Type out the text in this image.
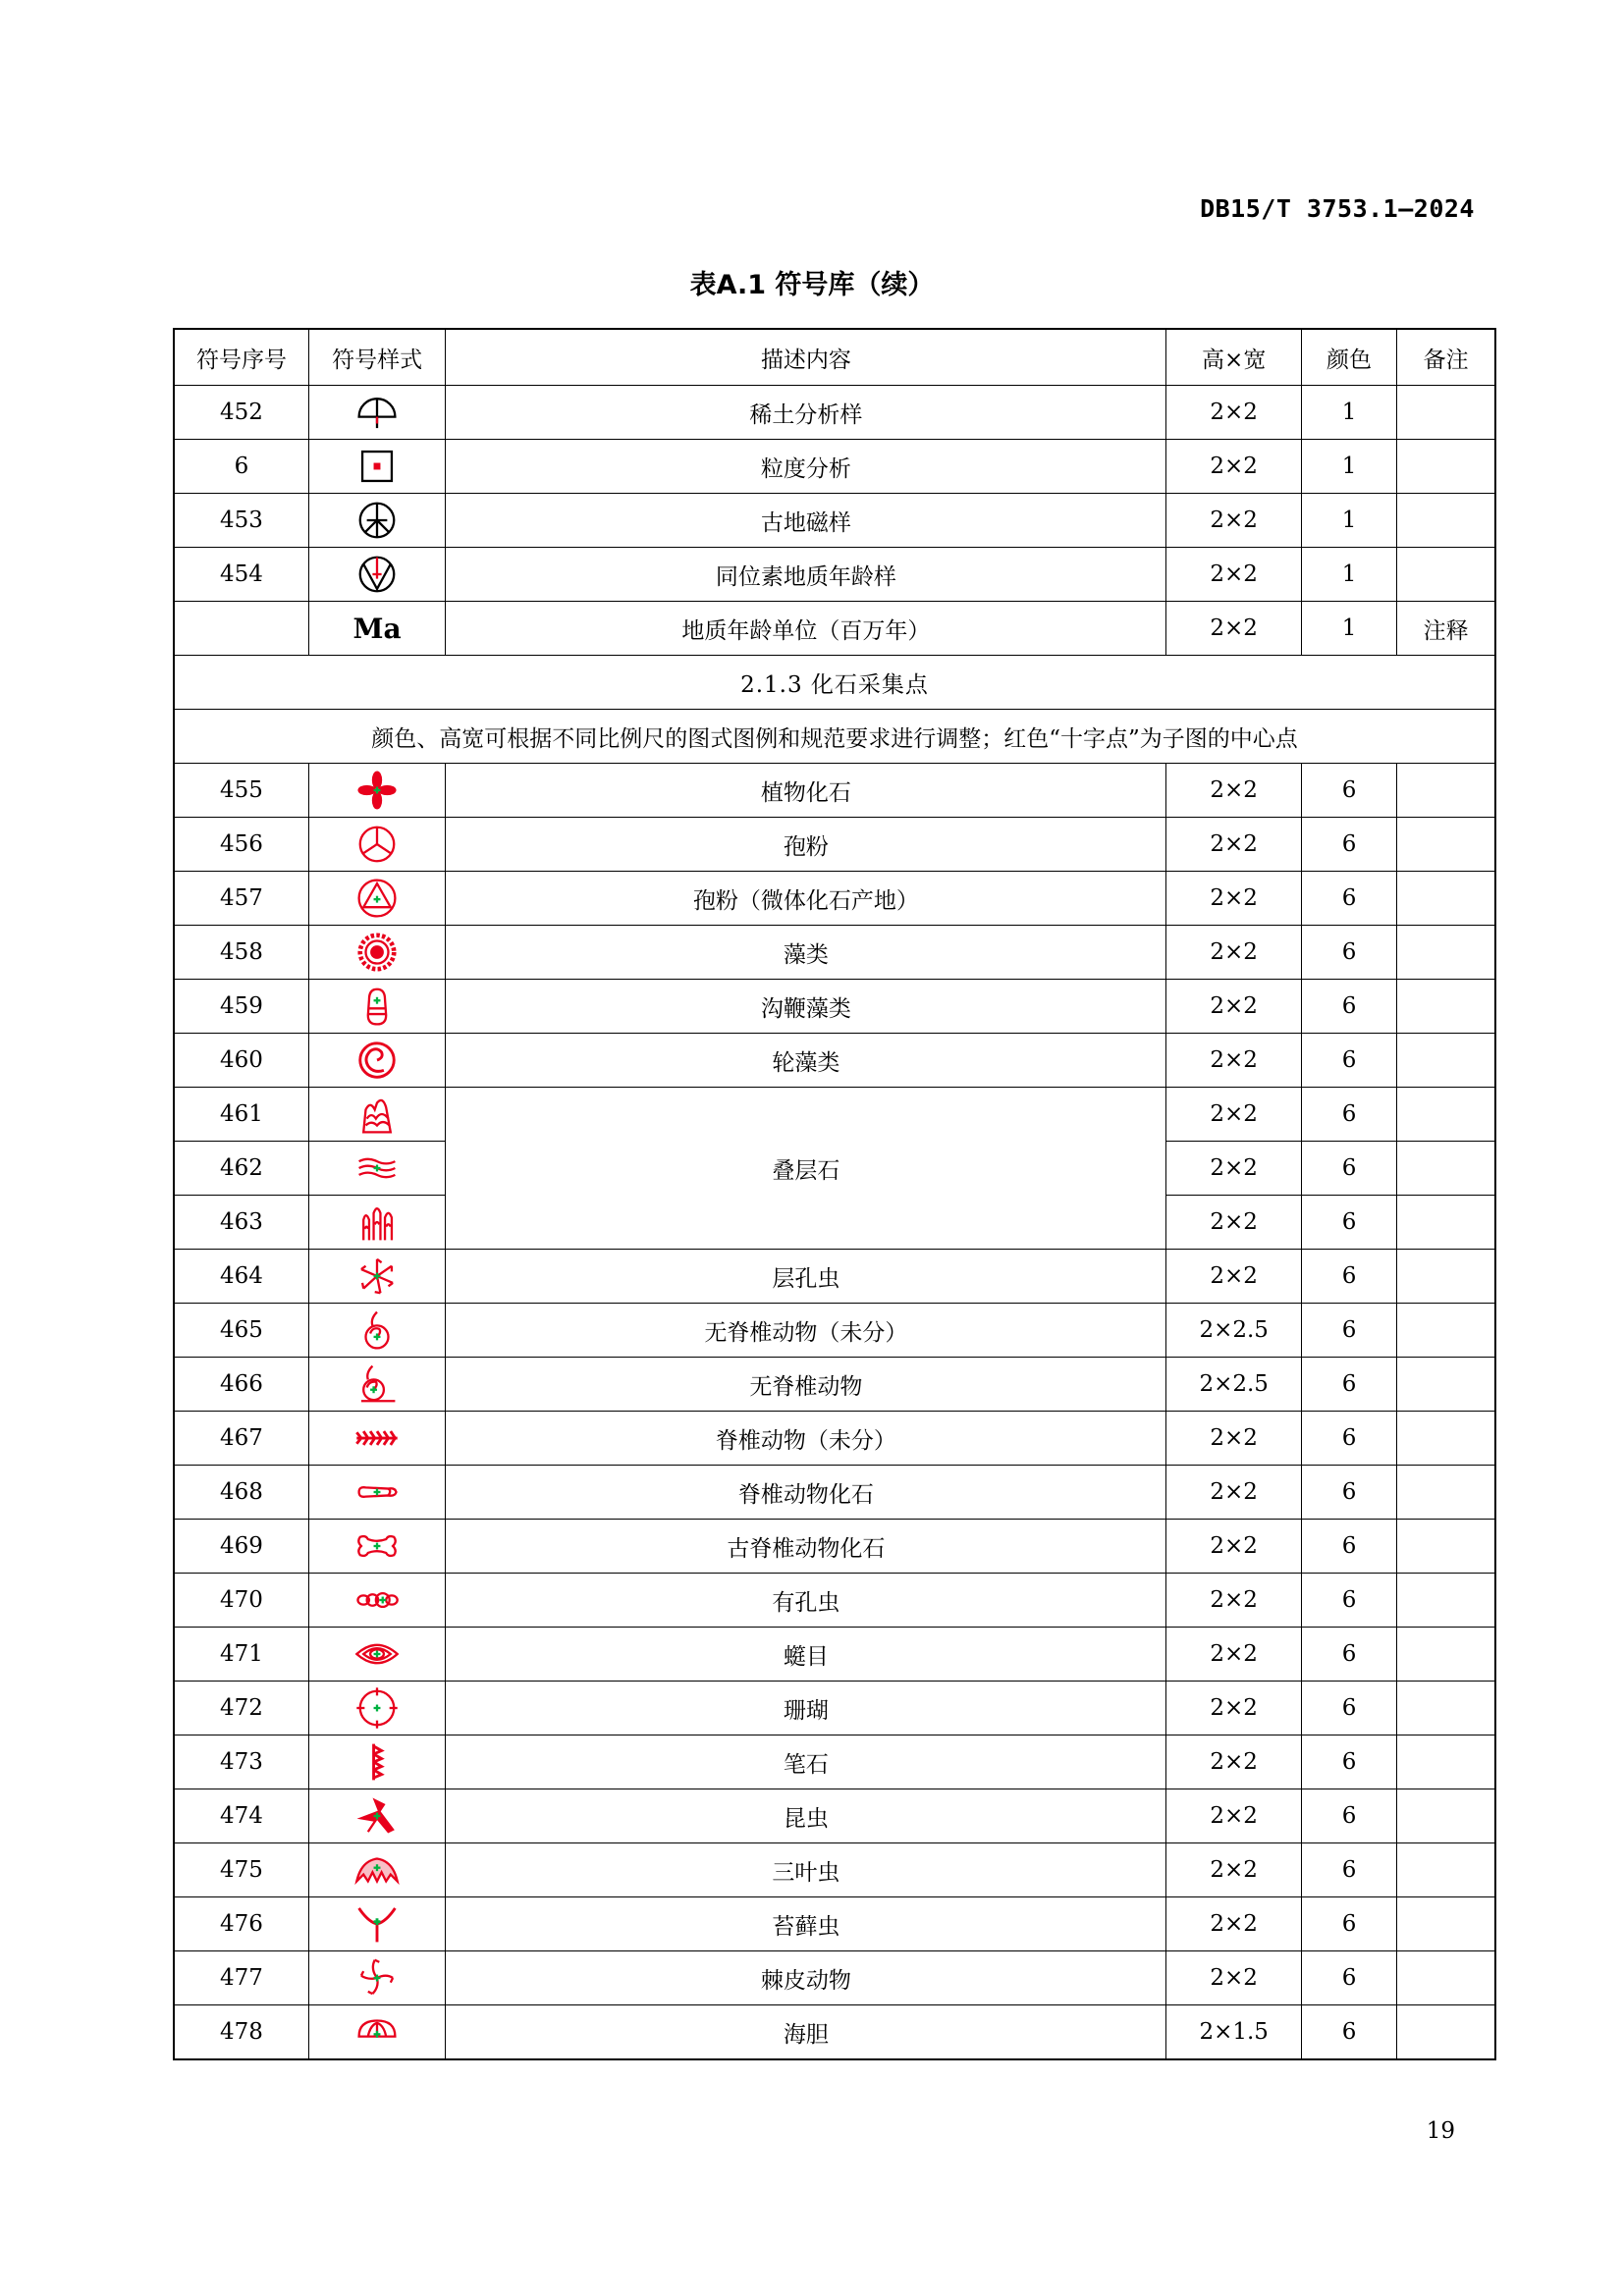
DB15/T 3753.1—2024
表A.1 符号库（续）
符号序号	符号样式	描述内容	高×宽	颜色	备注
452		稀土分析样	2×2	1	
6		粒度分析	2×2	1	
453		古地磁样	2×2	1	
454		同位素地质年龄样	2×2	1	
	Ma	地质年龄单位（百万年）	2×2	1	注释
2.1.3 化石采集点					
颜色、高宽可根据不同比例尺的图式图例和规范要求进行调整；红色“十字点”为子图的中心点					
455		植物化石	2×2	6	
456		孢粉	2×2	6	
457		孢粉（微体化石产地）	2×2	6	
458		藻类	2×2	6	
459		沟鞭藻类	2×2	6	
460		轮藻类	2×2	6	
461		叠层石	2×2	6	
462			2×2	6	
463			2×2	6	
464		层孔虫	2×2	6	
465		无脊椎动物（未分）	2×2.5	6	
466		无脊椎动物	2×2.5	6	
467		脊椎动物（未分）	2×2	6	
468		脊椎动物化石	2×2	6	
469		古脊椎动物化石	2×2	6	
470		有孔虫	2×2	6	
471		䗴目	2×2	6	
472		珊瑚	2×2	6	
473		笔石	2×2	6	
474		昆虫	2×2	6	
475		三叶虫	2×2	6	
476		苔藓虫	2×2	6	
477		棘皮动物	2×2	6	
478		海胆	2×1.5	6	
19
